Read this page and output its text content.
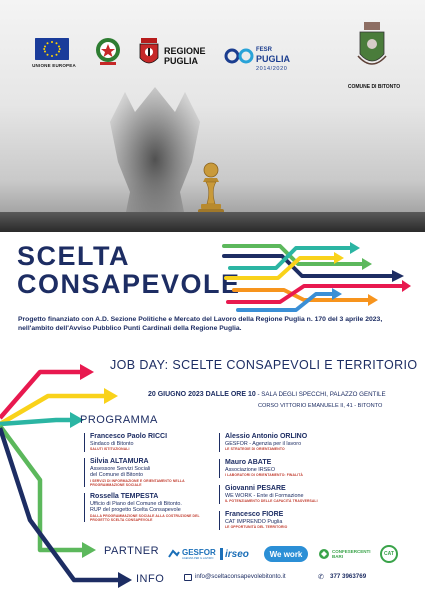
UNIONE EUROPEA
REGIONE
PUGLIA
FESR
PUGLIA
2014/2020
COMUNE DI BITONTO
SCELTA
CONSAPEVOLE
Progetto finanziato con A.D. Sezione Politiche e Mercato del Lavoro della Regione Puglia n. 170 del 3 aprile 2023,
nell'ambito dell'Avviso Pubblico Punti Cardinali della Regione Puglia.
JOB DAY: SCELTE CONSAPEVOLI E TERRITORIO
20 GIUGNO 2023 DALLE ORE 10 - SALA DEGLI SPECCHI, PALAZZO GENTILE
CORSO VITTORIO EMANUELE II, 41 - BITONTO
PROGRAMMA
Francesco Paolo RICCI
Sindaco di Bitonto
SALUTI ISTITUZIONALI
Silvia ALTAMURA
Assessore Servizi Sociali
del Comune di Bitonto
I SERVIZI DI INFORMAZIONE E ORIENTAMENTO NELLA PROGRAMMAZIONE SOCIALE
Rossella TEMPESTA
Ufficio di Piano del Comune di Bitonto.
RUP del progetto Scelta Consapevole
DALLA PROGRAMMAZIONE SOCIALE ALLA COSTRUZIONE DEL PROGETTO SCELTA CONSAPEVOLE
Alessio Antonio ORLINO
GESFOR - Agenzia per il lavoro
LE STRATEGIE DI ORIENTAMENTO
Mauro ABATE
Associazione IRSEO
I LABORATORI DI ORIENTAMENTO: FINALITÀ
Giovanni PESARE
WE WORK - Ente di Formazione
IL POTENZIAMENTO DELLE CAPACITÀ TRASVERSALI
Francesco FIORE
CAT IMPRENDO Puglia
LE OPPORTUNITÀ DEL TERRITORIO
PARTNER	GESFOR
AGENZIA PER IL LAVORO irseo	We work	CONFESERCENTI
BARI	CAT
INFO	info@sceltaconsapevolebitonto.it	✆ 377 3963769
